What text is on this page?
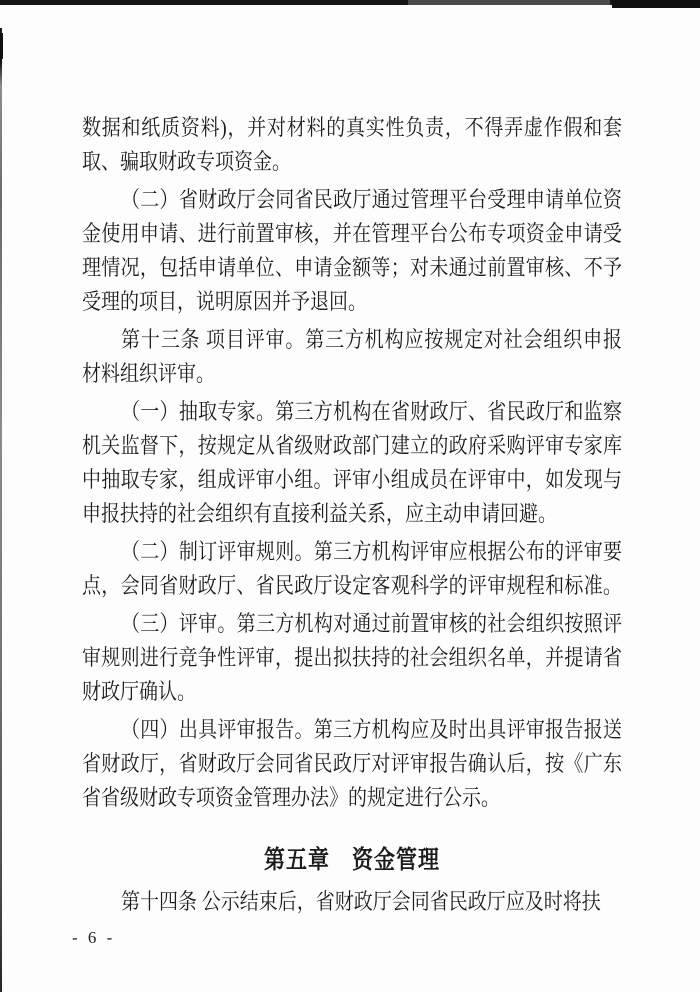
数据和纸质资料)，并对材料的真实性负责，不得弄虚作假和套
取、骗取财政专项资金。
（二）省财政厅会同省民政厅通过管理平台受理申请单位资
金使用申请、进行前置审核，并在管理平台公布专项资金申请受
理情况，包括申请单位、申请金额等；对未通过前置审核、不予
受理的项目，说明原因并予退回。
第十三条 项目评审。第三方机构应按规定对社会组织申报
材料组织评审。
（一）抽取专家。第三方机构在省财政厅、省民政厅和监察
机关监督下，按规定从省级财政部门建立的政府采购评审专家库
中抽取专家，组成评审小组。评审小组成员在评审中，如发现与
申报扶持的社会组织有直接利益关系，应主动申请回避。
（二）制订评审规则。第三方机构评审应根据公布的评审要
点，会同省财政厅、省民政厅设定客观科学的评审规程和标准。
（三）评审。第三方机构对通过前置审核的社会组织按照评
审规则进行竞争性评审，提出拟扶持的社会组织名单，并提请省
财政厅确认。
（四）出具评审报告。第三方机构应及时出具评审报告报送
省财政厅，省财政厅会同省民政厅对评审报告确认后，按《广东
省省级财政专项资金管理办法》的规定进行公示。
第五章　资金管理
第十四条 公示结束后，省财政厅会同省民政厅应及时将扶
- 6 -
